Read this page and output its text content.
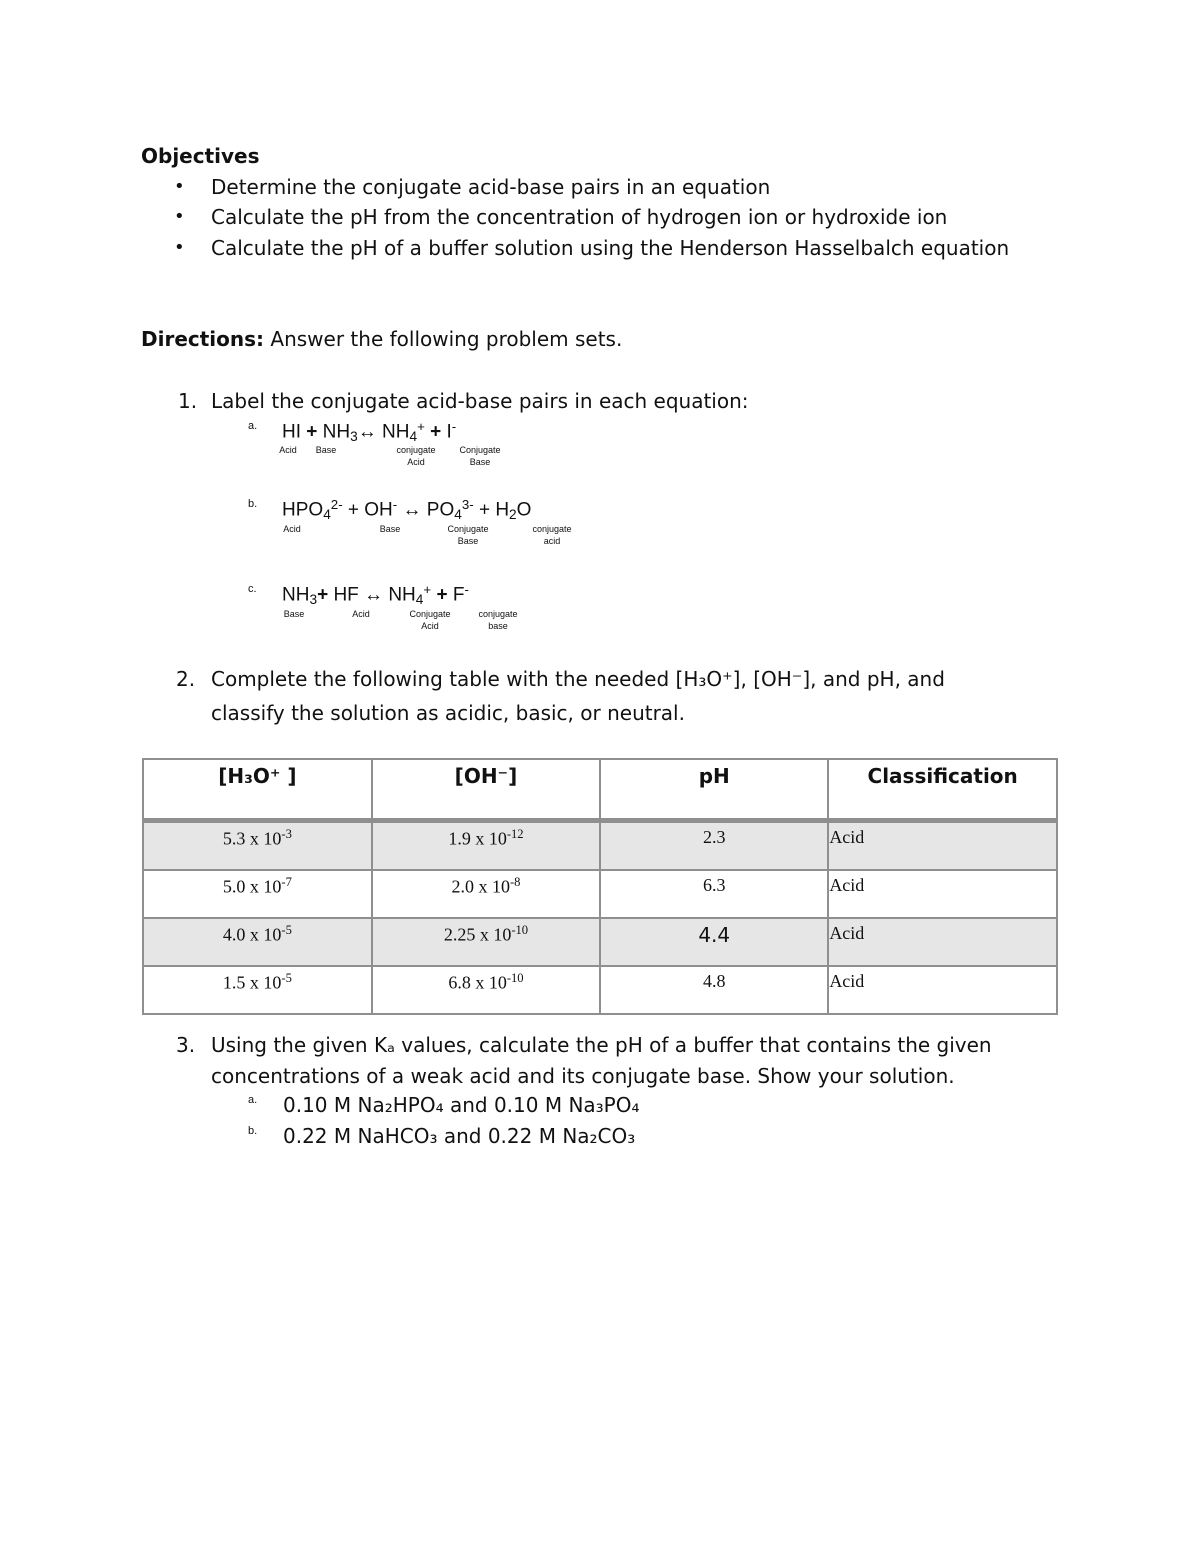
Objectives
• Determine the conjugate acid-base pairs in an equation
• Calculate the pH from the concentration of hydrogen ion or hydroxide ion
• Calculate the pH of a buffer solution using the Henderson Hasselbalch equation
Directions: Answer the following problem sets.
1. Label the conjugate acid-base pairs in each equation:
a. HI + $NH_3\leftrightarrow$ $NH_4^+ + I^-$
Acid	Base	conjugate
Acid
Conjugate
Base
b. $HPO_4^{2-} + OH^-$ ↔ $PO_4^{3-} + H_2O$
Acid	Base	Conjugate
Base
conjugate
acid
c. $NH_3+$ HF ↔ $NH_4^+ + F^-$
Base	Acid	Conjugate
Acid
conjugate
base
2. Complete the following table with the needed [H₃O⁺], [OH⁻], and pH, and
classify the solution as acidic, basic, or neutral.
[H₃O⁺ ]	[OH⁻]	pH	Classification
5.3 x $10^{-3}$	1.9 x $10^{-12}$	2.3	Acid
5.0 x $10^{-7}$	2.0 x $10^{-8}$	6.3	Acid
4.0 x $10^{-5}$	2.25 x $10^{-10}$	4.4	Acid
1.5 x $10^{-5}$	6.8 x $10^{-10}$	4.8	Acid
3. Using the given Kₐ values, calculate the pH of a buffer that contains the given
concentrations of a weak acid and its conjugate base. Show your solution.
a. 0.10 M Na₂HPO₄ and 0.10 M Na₃PO₄
b. 0.22 M NaHCO₃ and 0.22 M Na₂CO₃
